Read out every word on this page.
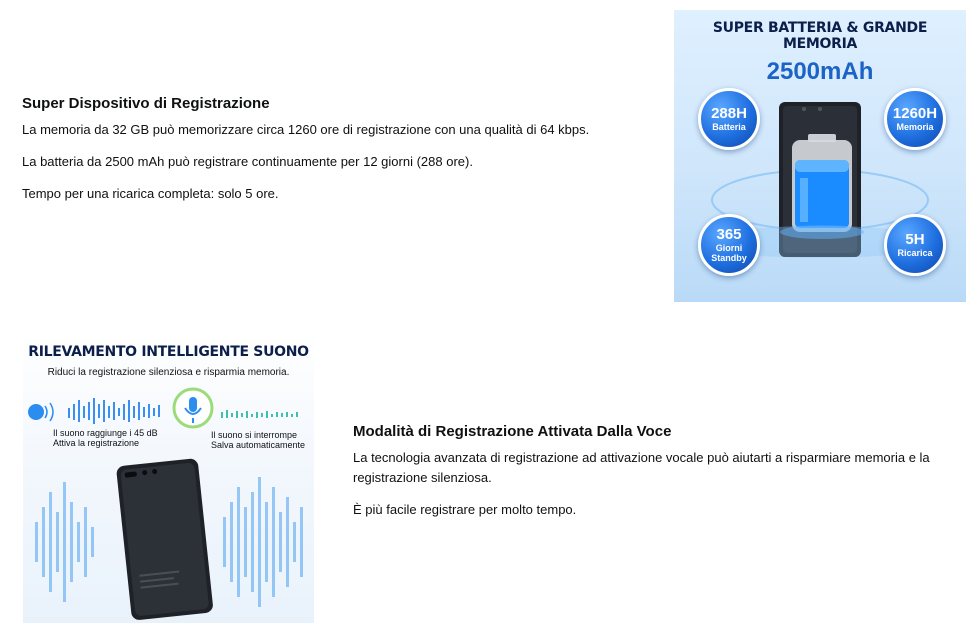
Super Dispositivo di Registrazione

La memoria da 32 GB può memorizzare circa 1260 ore di registrazione con una qualità di 64 kbps.

La batteria da 2500 mAh può registrare continuamente per 12 giorni (288 ore).

Tempo per una ricarica completa: solo 5 ore.

SUPER BATTERIA & GRANDE MEMORIA
2500mAh
288H
Batteria
1260H
Memoria
365
Giorni Standby
5H
Ricarica
RILEVAMENTO INTELLIGENTE SUONO
Riduci la registrazione silenziosa e risparmia memoria.
Il suono raggiunge i 45 dB
Attiva la registrazione
Il suono si interrompe
Salva automaticamente
Modalità di Registrazione Attivata Dalla Voce

La tecnologia avanzata di registrazione ad attivazione vocale può aiutarti a risparmiare memoria e la registrazione silenziosa.

È più facile registrare per molto tempo.
